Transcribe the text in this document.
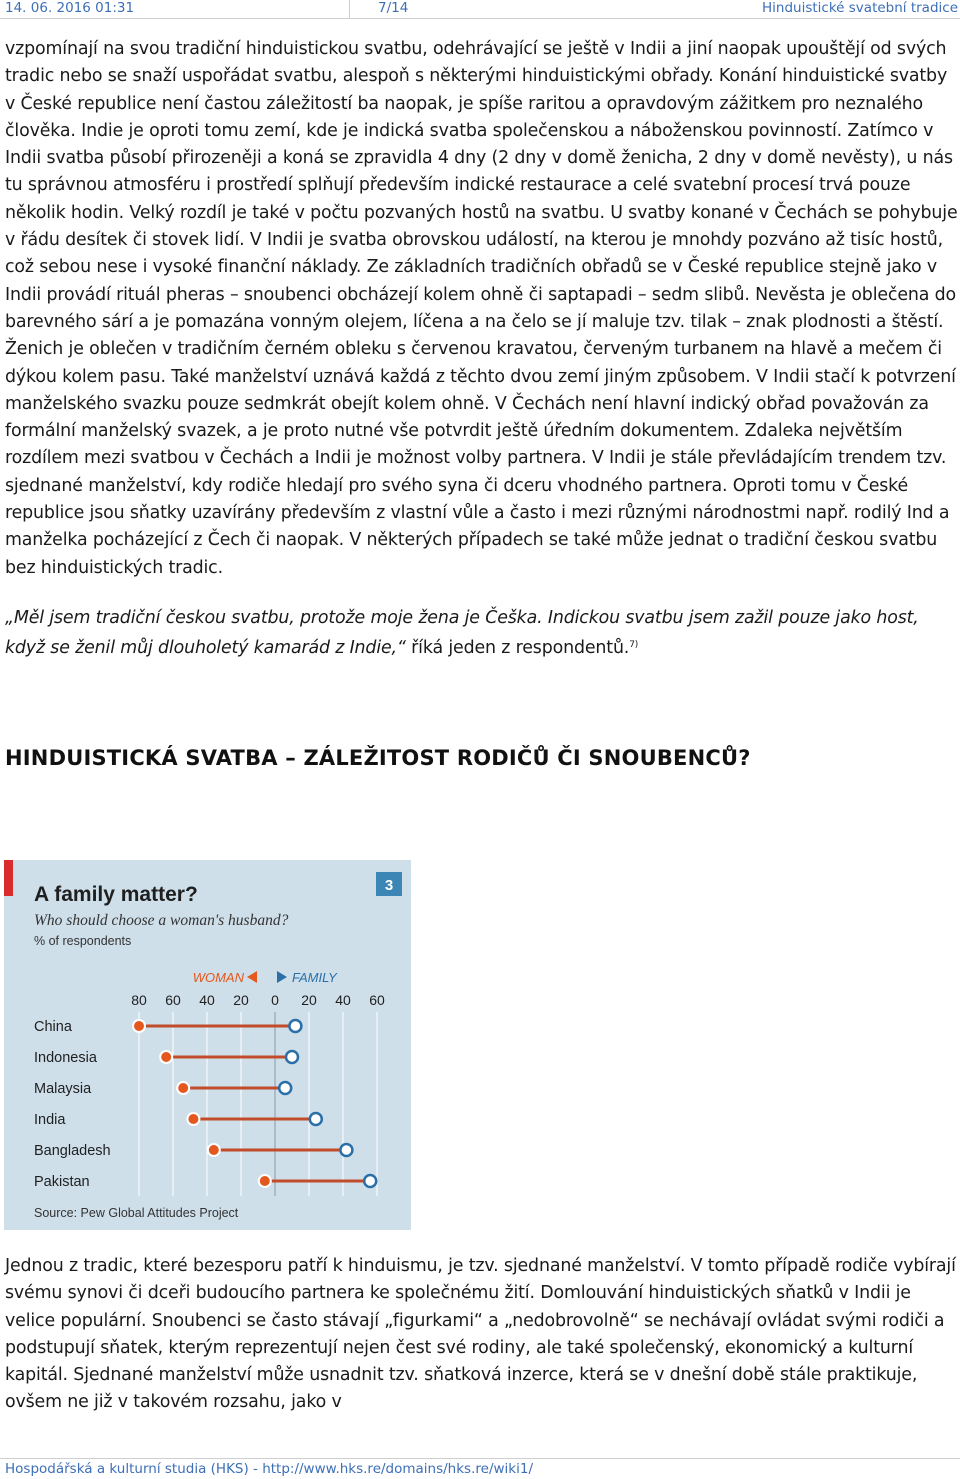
14. 06. 2016 01:31	7/14	Hinduistické svatební tradice

vzpomínají na svou tradiční hinduistickou svatbu, odehrávající se ještě v Indii a jiní naopak upouštějí od svých tradic nebo se snaží uspořádat svatbu, alespoň s některými hinduistickými obřady. Konání hinduistické svatby v České republice není častou záležitostí ba naopak, je spíše raritou a opravdovým zážitkem pro neznalého člověka. Indie je oproti tomu zemí, kde je indická svatba společenskou a náboženskou povinností. Zatímco v Indii svatba působí přirozeněji a koná se zpravidla 4 dny (2 dny v domě ženicha, 2 dny v domě nevěsty), u nás tu správnou atmosféru i prostředí splňují především indické restaurace a celé svatební procesí trvá pouze několik hodin. Velký rozdíl je také v počtu pozvaných hostů na svatbu. U svatby konané v Čechách se pohybuje v řádu desítek či stovek lidí. V Indii je svatba obrovskou událostí, na kterou je mnohdy pozváno až tisíc hostů, což sebou nese i vysoké finanční náklady. Ze základních tradičních obřadů se v České republice stejně jako v Indii provádí rituál pheras – snoubenci obcházejí kolem ohně či saptapadi – sedm slibů. Nevěsta je oblečena do barevného sárí a je pomazána vonným olejem, líčena a na čelo se jí maluje tzv. tilak – znak plodnosti a štěstí. Ženich je oblečen v tradičním černém obleku s červenou kravatou, červeným turbanem na hlavě a mečem či dýkou kolem pasu. Také manželství uznává každá z těchto dvou zemí jiným způsobem. V Indii stačí k potvrzení manželského svazku pouze sedmkrát obejít kolem ohně. V Čechách není hlavní indický obřad považován za formální manželský svazek, a je proto nutné vše potvrdit ještě úředním dokumentem. Zdaleka největším rozdílem mezi svatbou v Čechách a Indii je možnost volby partnera. V Indii je stále převládajícím trendem tzv. sjednané manželství, kdy rodiče hledají pro svého syna či dceru vhodného partnera. Oproti tomu v České republice jsou sňatky uzavírány především z vlastní vůle a často i mezi různými národnostmi např. rodilý Ind a manželka pocházející z Čech či naopak. V některých případech se také může jednat o tradiční českou svatbu bez hinduistických tradic.

„Měl jsem tradiční českou svatbu, protože moje žena je Češka. Indickou svatbu jsem zažil pouze jako host, když se ženil můj dlouholetý kamarád z Indie,“ říká jeden z respondentů.$^{7)}$

HINDUISTICKÁ SVATBA – ZÁLEŽITOST RODIČŮ ČI SNOUBENCŮ?
A family matter?
Who should choose a woman's husband?
% of respondents
3
WOMAN	FAMILY
80 60 40 20 0 20 40 60
China
Indonesia
Malaysia
India
Bangladesh
Pakistan
Source: Pew Global Attitudes Project

Jednou z tradic, které bezesporu patří k hinduismu, je tzv. sjednané manželství. V tomto případě rodiče vybírají svému synovi či dceři budoucího partnera ke společnému žití. Domlouvání hinduistických sňatků v Indii je velice populární. Snoubenci se často stávají „figurkami“ a „nedobrovolně“ se nechávají ovládat svými rodiči a podstupují sňatek, kterým reprezentují nejen čest své rodiny, ale také společenský, ekonomický a kulturní kapitál. Sjednané manželství může usnadnit tzv. sňatková inzerce, která se v dnešní době stále praktikuje, ovšem ne již v takovém rozsahu, jako v

Hospodářská a kulturní studia (HKS) - http://www.hks.re/domains/hks.re/wiki1/
